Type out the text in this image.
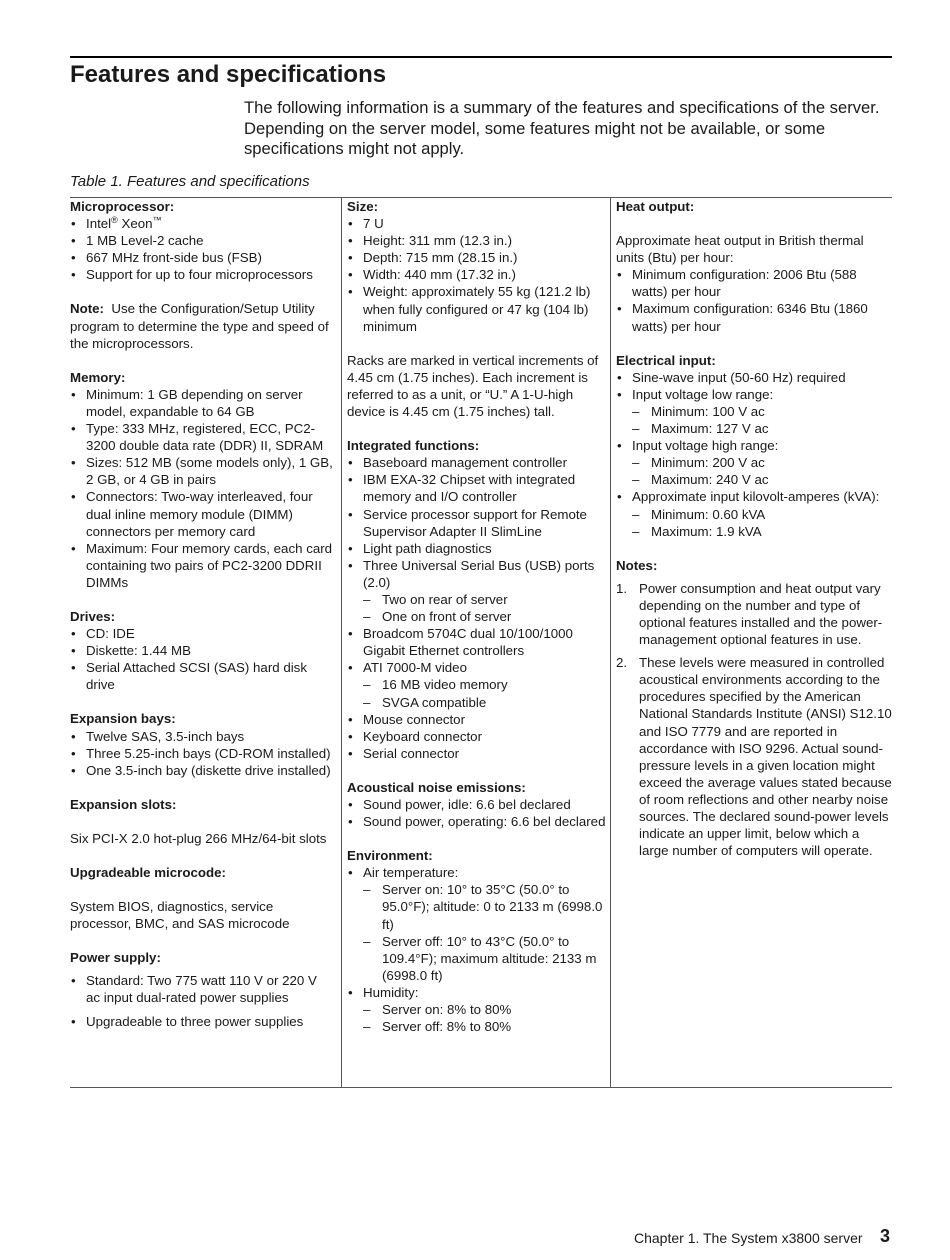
Features and specifications

The following information is a summary of the features and specifications of the server. Depending on the server model, some features might not be available, or some specifications might not apply.

Table 1. Features and specifications

Microprocessor:

• Intel® Xeon™
• 1 MB Level-2 cache
• 667 MHz front-side bus (FSB)
• Support for up to four microprocessors

Note: Use the Configuration/Setup Utility program to determine the type and speed of the microprocessors.

Memory:

• Minimum: 1 GB depending on server model, expandable to 64 GB
• Type: 333 MHz, registered, ECC, PC2-3200 double data rate (DDR) II, SDRAM
• Sizes: 512 MB (some models only), 1 GB, 2 GB, or 4 GB in pairs
• Connectors: Two-way interleaved, four dual inline memory module (DIMM) connectors per memory card
• Maximum: Four memory cards, each card containing two pairs of PC2-3200 DDRII DIMMs

Drives:

• CD: IDE
• Diskette: 1.44 MB
• Serial Attached SCSI (SAS) hard disk drive

Expansion bays:

• Twelve SAS, 3.5-inch bays
• Three 5.25-inch bays (CD-ROM installed)
• One 3.5-inch bay (diskette drive installed)

Expansion slots:

Six PCI-X 2.0 hot-plug 266 MHz/64-bit slots

Upgradeable microcode:

System BIOS, diagnostics, service processor, BMC, and SAS microcode

Power supply:

• Standard: Two 775 watt 110 V or 220 V ac input dual-rated power supplies
• Upgradeable to three power supplies

Size:

• 7 U
• Height: 311 mm (12.3 in.)
• Depth: 715 mm (28.15 in.)
• Width: 440 mm (17.32 in.)
• Weight: approximately 55 kg (121.2 lb) when fully configured or 47 kg (104 lb) minimum

Racks are marked in vertical increments of 4.45 cm (1.75 inches). Each increment is referred to as a unit, or “U.” A 1-U-high device is 4.45 cm (1.75 inches) tall.

Integrated functions:

• Baseboard management controller
• IBM EXA-32 Chipset with integrated memory and I/O controller
• Service processor support for Remote Supervisor Adapter II SlimLine
• Light path diagnostics
• Three Universal Serial Bus (USB) ports (2.0)
– Two on rear of server
– One on front of server
• Broadcom 5704C dual 10/100/1000 Gigabit Ethernet controllers
• ATI 7000-M video
– 16 MB video memory
– SVGA compatible
• Mouse connector
• Keyboard connector
• Serial connector

Acoustical noise emissions:

• Sound power, idle: 6.6 bel declared
• Sound power, operating: 6.6 bel declared

Environment:

• Air temperature:
– Server on: 10° to 35°C (50.0° to 95.0°F); altitude: 0 to 2133 m (6998.0 ft)
– Server off: 10° to 43°C (50.0° to 109.4°F); maximum altitude: 2133 m (6998.0 ft)
• Humidity:
– Server on: 8% to 80%
– Server off: 8% to 80%

Heat output:

Approximate heat output in British thermal units (Btu) per hour:

• Minimum configuration: 2006 Btu (588 watts) per hour
• Maximum configuration: 6346 Btu (1860 watts) per hour

Electrical input:

• Sine-wave input (50-60 Hz) required
• Input voltage low range:
– Minimum: 100 V ac
– Maximum: 127 V ac
• Input voltage high range:
– Minimum: 200 V ac
– Maximum: 240 V ac
• Approximate input kilovolt-amperes (kVA):
– Minimum: 0.60 kVA
– Maximum: 1.9 kVA

Notes:

1. Power consumption and heat output vary depending on the number and type of optional features installed and the power-management optional features in use.
2. These levels were measured in controlled acoustical environments according to the procedures specified by the American National Standards Institute (ANSI) S12.10 and ISO 7779 and are reported in accordance with ISO 9296. Actual sound-pressure levels in a given location might exceed the average values stated because of room reflections and other nearby noise sources. The declared sound-power levels indicate an upper limit, below which a large number of computers will operate.
Chapter 1. The System x3800 server 3
